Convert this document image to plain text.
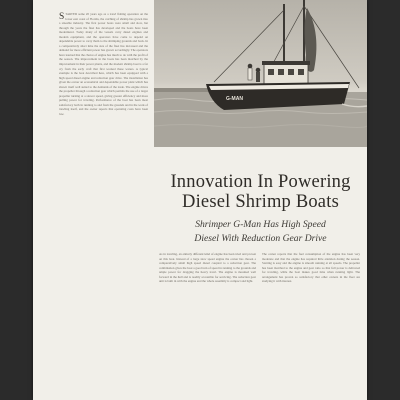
STARTED some 20 years ago as a trawl fishing operation on the lower east coast of Florida, the catching of shrimp has grown into a sizeable industry. The first power boats were small and slow, but through the years the fleet has developed and the boats have been modernized. Today many of the vessels carry diesel engines and modern equipment, and the operators have come to depend on dependable power to carry them to the shrimping grounds and back. In a comparatively short time the size of the fleet has increased and the demand for more efficient power has grown accordingly. The operators have learned that the choice of engine has much to do with the profit of the season. The improvement in the boats has been matched by the improvement in their power plants, and the modern shrimp boat is a far cry from the early craft that first worked these waters. A typical example is the boat described here, which has been equipped with a high speed diesel engine and reduction gear drive. The installation has given the owner an economical and dependable power plant which has shown itself well suited to the demands of the trade. The engine drives the propeller through a reduction gear which permits the use of a larger propeller turning at a slower speed, giving greater efficiency and more pulling power for trawling. Performance of the boat has been most satisfactory both in running to and from the grounds and in the work of trawling itself, and the owner reports that operating costs have been low.
G-MAN
Innovation In Powering
Diesel Shrimp Boats
Shrimper G-Man Has High Speed
Diesel With Reduction Gear Drive
As in trawling, an entirely different kind of engine has been tried and proven on this boat. Instead of a large slow speed engine the owner has chosen a comparatively small high speed diesel coupled to a reduction gear. The combination gives the boat a good turn of speed in running to the grounds and ample power for dragging the heavy trawl. The engine is mounted well forward in the hull and is readily accessible for servicing. The reduction gear unit is built in with the engine and the whole assembly is compact and light.
The owner reports that the fuel consumption of the engine has been very moderate and that the engine has required little attention during the season. Starting is easy and the engine is smooth running at all speeds. The propeller has been matched to the engine and gear ratio so that full power is delivered for trawling, while the boat makes good time when running light. The arrangement has proven so satisfactory that other owners in the fleet are studying it with interest.
